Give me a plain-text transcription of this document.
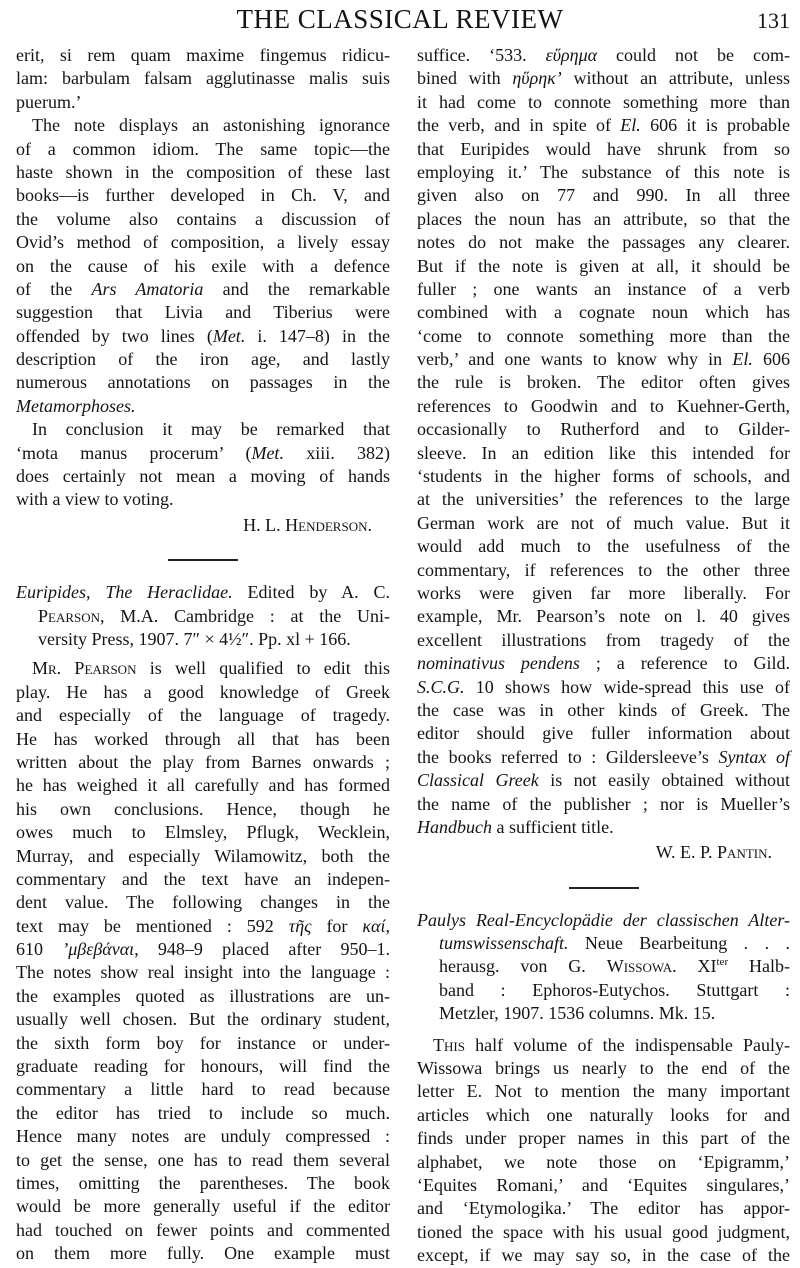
THE CLASSICAL REVIEW	131
erit, si rem quam maxime fingemus ridicu-
lam: barbulam falsam agglutinasse malis suis
puerum.’
The note displays an astonishing ignorance
of a common idiom. The same topic—the
haste shown in the composition of these last
books—is further developed in Ch. V, and
the volume also contains a discussion of
Ovid’s method of composition, a lively essay
on the cause of his exile with a defence
of the Ars Amatoria and the remarkable
suggestion that Livia and Tiberius were
offended by two lines (Met. i. 147–8) in the
description of the iron age, and lastly
numerous annotations on passages in the
Metamorphoses.
In conclusion it may be remarked that
‘mota manus procerum’ (Met. xiii. 382)
does certainly not mean a moving of hands
with a view to voting.
H. L. Henderson.
Euripides, The Heraclidae. Edited by A. C.
Pearson, M.A. Cambridge : at the Uni-
versity Press, 1907. 7″ × 4½″. Pp. xl + 166.
Mr. Pearson is well qualified to edit this
play. He has a good knowledge of Greek
and especially of the language of tragedy.
He has worked through all that has been
written about the play from Barnes onwards ;
he has weighed it all carefully and has formed
his own conclusions. Hence, though he
owes much to Elmsley, Pflugk, Wecklein,
Murray, and especially Wilamowitz, both the
commentary and the text have an indepen-
dent value. The following changes in the
text may be mentioned : 592 τῆς for καί,
610 ’μβεβάναι, 948–9 placed after 950–1.
The notes show real insight into the language :
the examples quoted as illustrations are un-
usually well chosen. But the ordinary student,
the sixth form boy for instance or under-
graduate reading for honours, will find the
commentary a little hard to read because
the editor has tried to include so much.
Hence many notes are unduly compressed :
to get the sense, one has to read them several
times, omitting the parentheses. The book
would be more generally useful if the editor
had touched on fewer points and commented
on them more fully. One example must
suffice. ‘533. εὕρημα could not be com-
bined with ηὕρηκ’ without an attribute, unless
it had come to connote something more than
the verb, and in spite of El. 606 it is probable
that Euripides would have shrunk from so
employing it.’ The substance of this note is
given also on 77 and 990. In all three
places the noun has an attribute, so that the
notes do not make the passages any clearer.
But if the note is given at all, it should be
fuller ; one wants an instance of a verb
combined with a cognate noun which has
‘come to connote something more than the
verb,’ and one wants to know why in El. 606
the rule is broken. The editor often gives
references to Goodwin and to Kuehner-Gerth,
occasionally to Rutherford and to Gilder-
sleeve. In an edition like this intended for
‘students in the higher forms of schools, and
at the universities’ the references to the large
German work are not of much value. But it
would add much to the usefulness of the
commentary, if references to the other three
works were given far more liberally. For
example, Mr. Pearson’s note on l. 40 gives
excellent illustrations from tragedy of the
nominativus pendens ; a reference to Gild.
S.C.G. 10 shows how wide-spread this use of
the case was in other kinds of Greek. The
editor should give fuller information about
the books referred to : Gildersleeve’s Syntax of
Classical Greek is not easily obtained without
the name of the publisher ; nor is Mueller’s
Handbuch a sufficient title.
W. E. P. Pantin.
Paulys Real-Encyclopädie der classischen Alter-
tumswissenschaft. Neue Bearbeitung . . .
herausg. von G. Wissowa. $XI^{ter}$ Halb-
band : Ephoros-Eutychos. Stuttgart :
Metzler, 1907. 1536 columns. Mk. 15.
This half volume of the indispensable Pauly-
Wissowa brings us nearly to the end of the
letter E. Not to mention the many important
articles which one naturally looks for and
finds under proper names in this part of the
alphabet, we note those on ‘Epigramm,’
‘Equites Romani,’ and ‘Equites singulares,’
and ‘Etymologika.’ The editor has appor-
tioned the space with his usual good judgment,
except, if we may say so, in the case of the
